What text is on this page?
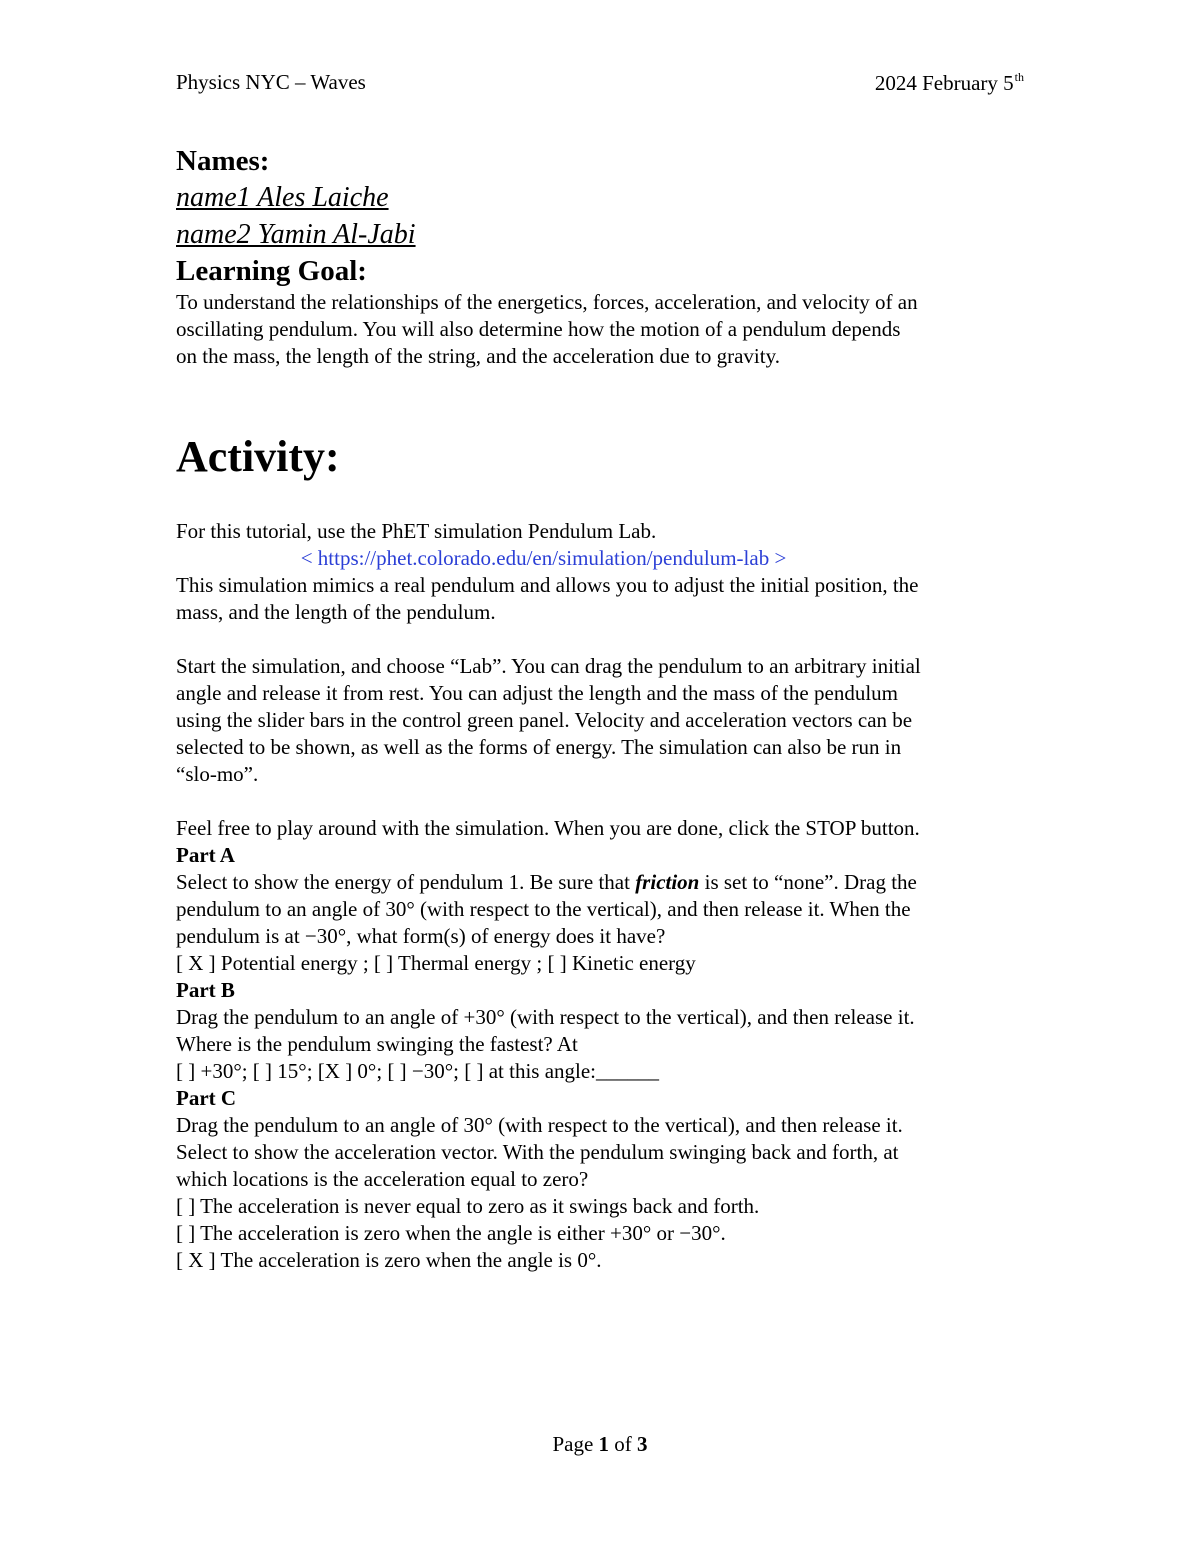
Physics NYC – Waves	2024 February 5th

Names:

name1 Ales Laiche

name2 Yamin Al-Jabi

Learning Goal:

To understand the relationships of the energetics, forces, acceleration, and velocity of an

oscillating pendulum. You will also determine how the motion of a pendulum depends

on the mass, the length of the string, and the acceleration due to gravity.

Activity:

For this tutorial, use the PhET simulation Pendulum Lab.

< https://phet.colorado.edu/en/simulation/pendulum-lab >

This simulation mimics a real pendulum and allows you to adjust the initial position, the

mass, and the length of the pendulum.

Start the simulation, and choose “Lab”. You can drag the pendulum to an arbitrary initial

angle and release it from rest. You can adjust the length and the mass of the pendulum

using the slider bars in the control green panel. Velocity and acceleration vectors can be

selected to be shown, as well as the forms of energy. The simulation can also be run in

“slo-mo”.

Feel free to play around with the simulation. When you are done, click the STOP button.

Part A

Select to show the energy of pendulum 1. Be sure that friction is set to “none”. Drag the

pendulum to an angle of 30° (with respect to the vertical), and then release it. When the

pendulum is at −30°, what form(s) of energy does it have?

[ X ] Potential energy ; [ ] Thermal energy ; [ ] Kinetic energy

Part B

Drag the pendulum to an angle of +30° (with respect to the vertical), and then release it.

Where is the pendulum swinging the fastest? At

[ ] +30°; [ ] 15°; [X ] 0°; [ ] −30°; [ ] at this angle:______

Part C

Drag the pendulum to an angle of 30° (with respect to the vertical), and then release it.

Select to show the acceleration vector. With the pendulum swinging back and forth, at

which locations is the acceleration equal to zero?

[ ] The acceleration is never equal to zero as it swings back and forth.

[ ] The acceleration is zero when the angle is either +30° or −30°.

[ X ] The acceleration is zero when the angle is 0°.

Page 1 of 3
